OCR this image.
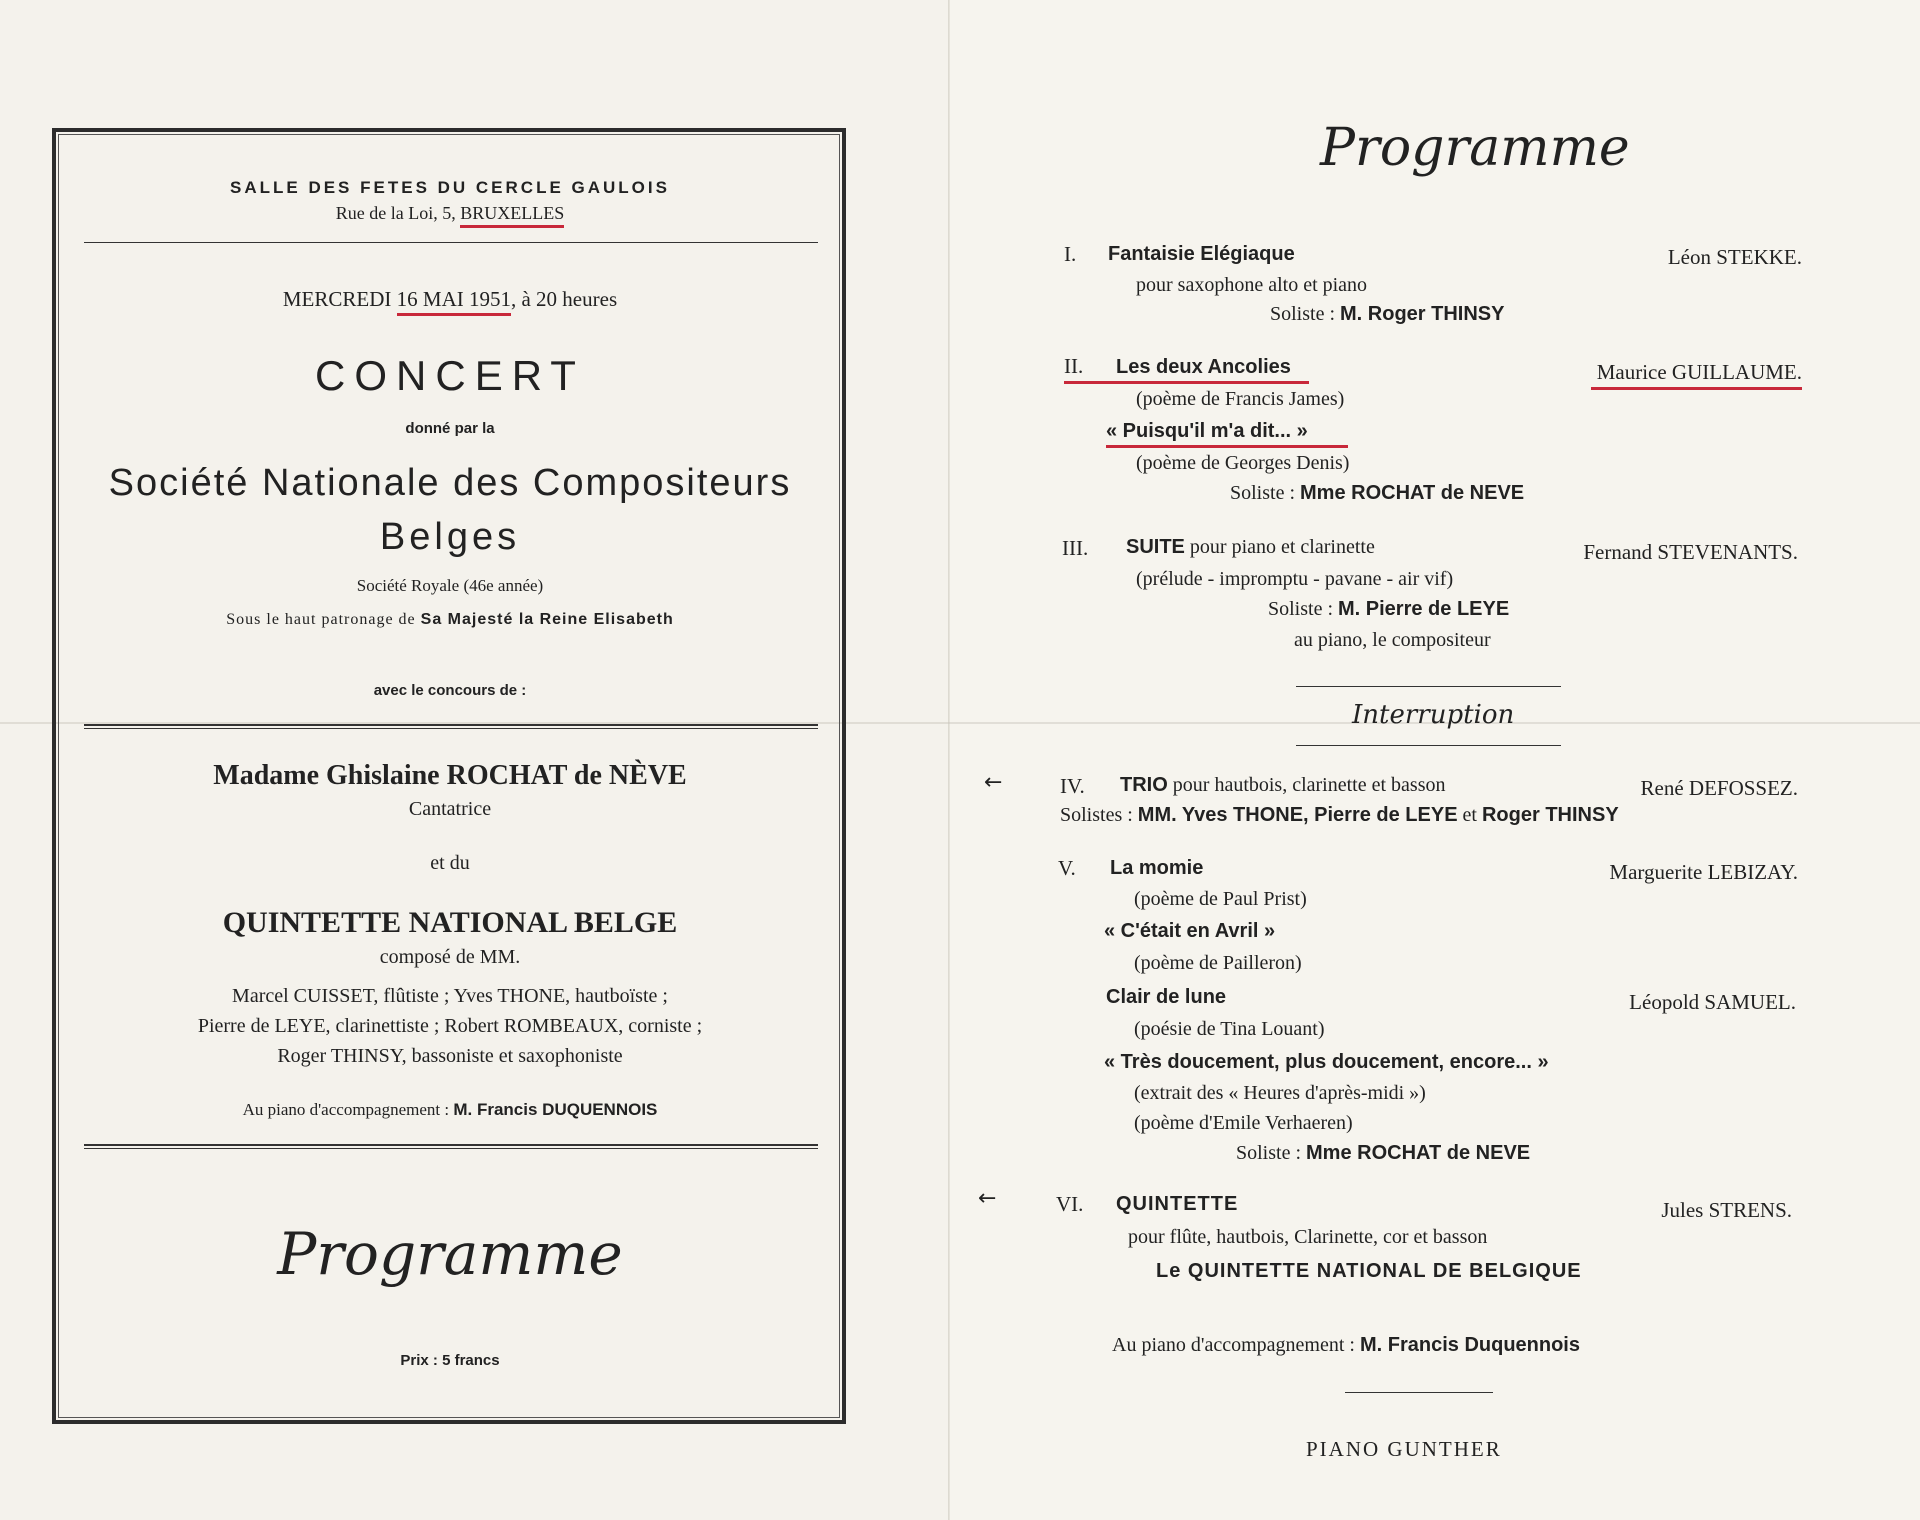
SALLE DES FETES DU CERCLE GAULOIS
Rue de la Loi, 5, BRUXELLES
MERCREDI 16 MAI 1951, à 20 heures
CONCERT
donné par la
Société Nationale des Compositeurs
Belges
Société Royale (46e année)
Sous le haut patronage de Sa Majesté la Reine Elisabeth
avec le concours de :
Madame Ghislaine ROCHAT de NÈVE
Cantatrice
et du
QUINTETTE NATIONAL BELGE
composé de MM.
Marcel CUISSET, flûtiste ; Yves THONE, hautboïste ;
Pierre de LEYE, clarinettiste ; Robert ROMBEAUX, corniste ;
Roger THINSY, bassoniste et saxophoniste
Au piano d'accompagnement : M. Francis DUQUENNOIS
Programme
Prix : 5 francs
Programme
I. Fantaisie Elégiaque	Léon STEKKE.
pour saxophone alto et piano
Soliste : M. Roger THINSY
II.	Les deux Ancolies	Maurice GUILLAUME.
(poème de Francis James)
« Puisqu'il m'a dit... »
(poème de Georges Denis)
Soliste : Mme ROCHAT de NEVE
III. SUITE pour piano et clarinette	Fernand STEVENANTS.
(prélude - impromptu - pavane - air vif)
Soliste : M. Pierre de LEYE
au piano, le compositeur
Interruption
←	IV. TRIO pour hautbois, clarinette et basson	René DEFOSSEZ.
Solistes : MM. Yves THONE, Pierre de LEYE et Roger THINSY
V. La momie	Marguerite LEBIZAY.
(poème de Paul Prist)
« C'était en Avril »
(poème de Pailleron)
Clair de lune	Léopold SAMUEL.
(poésie de Tina Louant)
« Très doucement, plus doucement, encore... »
(extrait des « Heures d'après-midi »)
(poème d'Emile Verhaeren)
Soliste : Mme ROCHAT de NEVE
←	VI. QUINTETTE	Jules STRENS.
pour flûte, hautbois, Clarinette, cor et basson
Le QUINTETTE NATIONAL DE BELGIQUE
Au piano d'accompagnement : M. Francis Duquennois
PIANO GUNTHER
